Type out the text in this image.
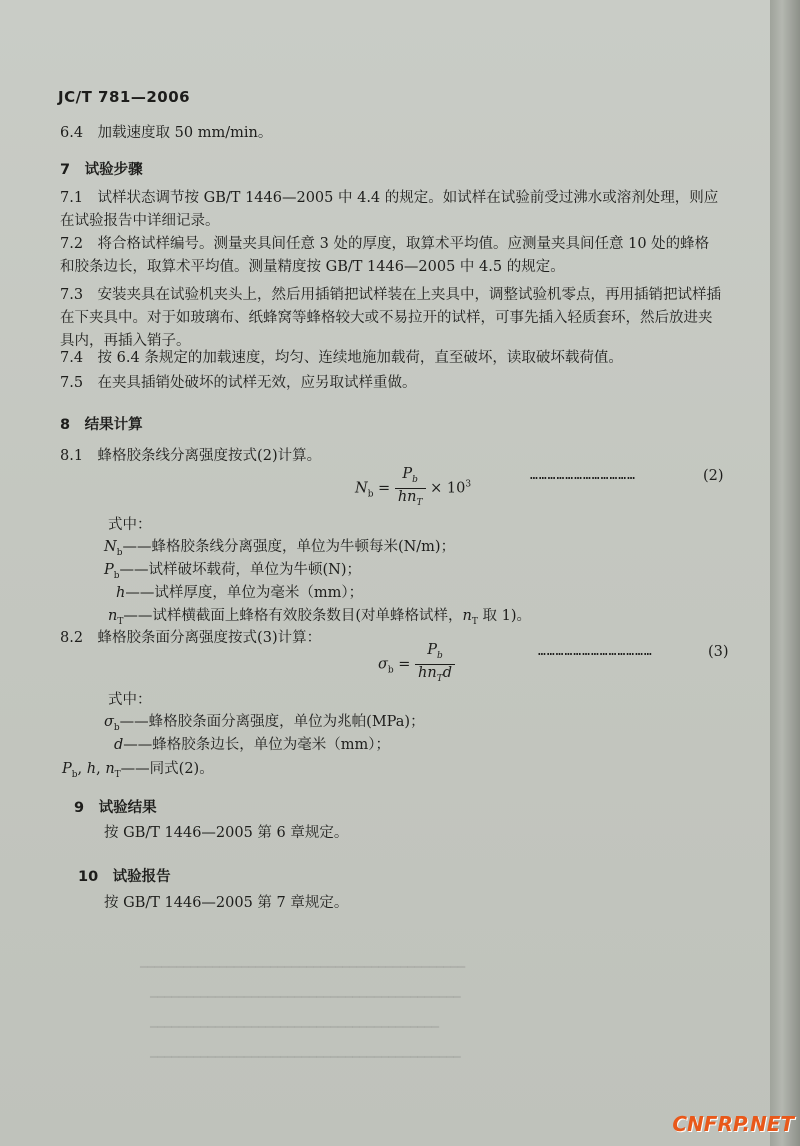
JC/T 781—2006
6.4　加载速度取 50 mm/min。
7　试验步骤
7.1　试样状态调节按 GB/T 1446—2005 中 4.4 的规定。如试样在试验前受过沸水或溶剂处理，则应
在试验报告中详细记录。
7.2　将合格试样编号。测量夹具间任意 3 处的厚度，取算术平均值。应测量夹具间任意 10 处的蜂格
和胶条边长，取算术平均值。测量精度按 GB/T 1446—2005 中 4.5 的规定。
7.3　安装夹具在试验机夹头上，然后用插销把试样装在上夹具中，调整试验机零点，再用插销把试样插
在下夹具中。对于如玻璃布、纸蜂窝等蜂格较大或不易拉开的试样，可事先插入轻质套环，然后放进夹
具内，再插入销子。
7.4　按 6.4 条规定的加载速度，均匀、连续地施加载荷，直至破坏，读取破坏载荷值。
7.5　在夹具插销处破坏的试样无效，应另取试样重做。
8　结果计算
8.1　蜂格胶条线分离强度按式(2)计算。
$N_b = \frac{P_b}{hn_T} \times 10^3$
………………………………	(2)
式中：
$N_b——$蜂格胶条线分离强度，单位为牛顿每米(N/m)；
$P_b——$试样破坏载荷，单位为牛顿(N)；
h——试样厚度，单位为毫米（mm）；
$n_T——$试样横截面上蜂格有效胶条数目(对单蜂格试样，$n_T$ 取 1)。
8.2　蜂格胶条面分离强度按式(3)计算：
$\sigma_b = \frac{P_b}{hn_Td}$	…………………………………	(3)
式中：
$\sigma_b——$蜂格胶条面分离强度，单位为兆帕(MPa)；
d——蜂格胶条边长，单位为毫米（mm）；
$P_b$, h, $n_T——$同式(2)。
9　试验结果
按 GB/T 1446—2005 第 6 章规定。
10　试验报告
按 GB/T 1446—2005 第 7 章规定。
━━━━━━━━━━━━━━━━━━━━━━━━━━━━━━━━━━━━━━━━━━━━━
━━━━━━━━━━━━━━━━━━━━━━━━━━━━━━━━━━━━━━━━━━━
━━━━━━━━━━━━━━━━━━━━━━━━━━━━━━━━━━━━━━━━
━━━━━━━━━━━━━━━━━━━━━━━━━━━━━━━━━━━━━━━━━━━
CNFRP.NET
